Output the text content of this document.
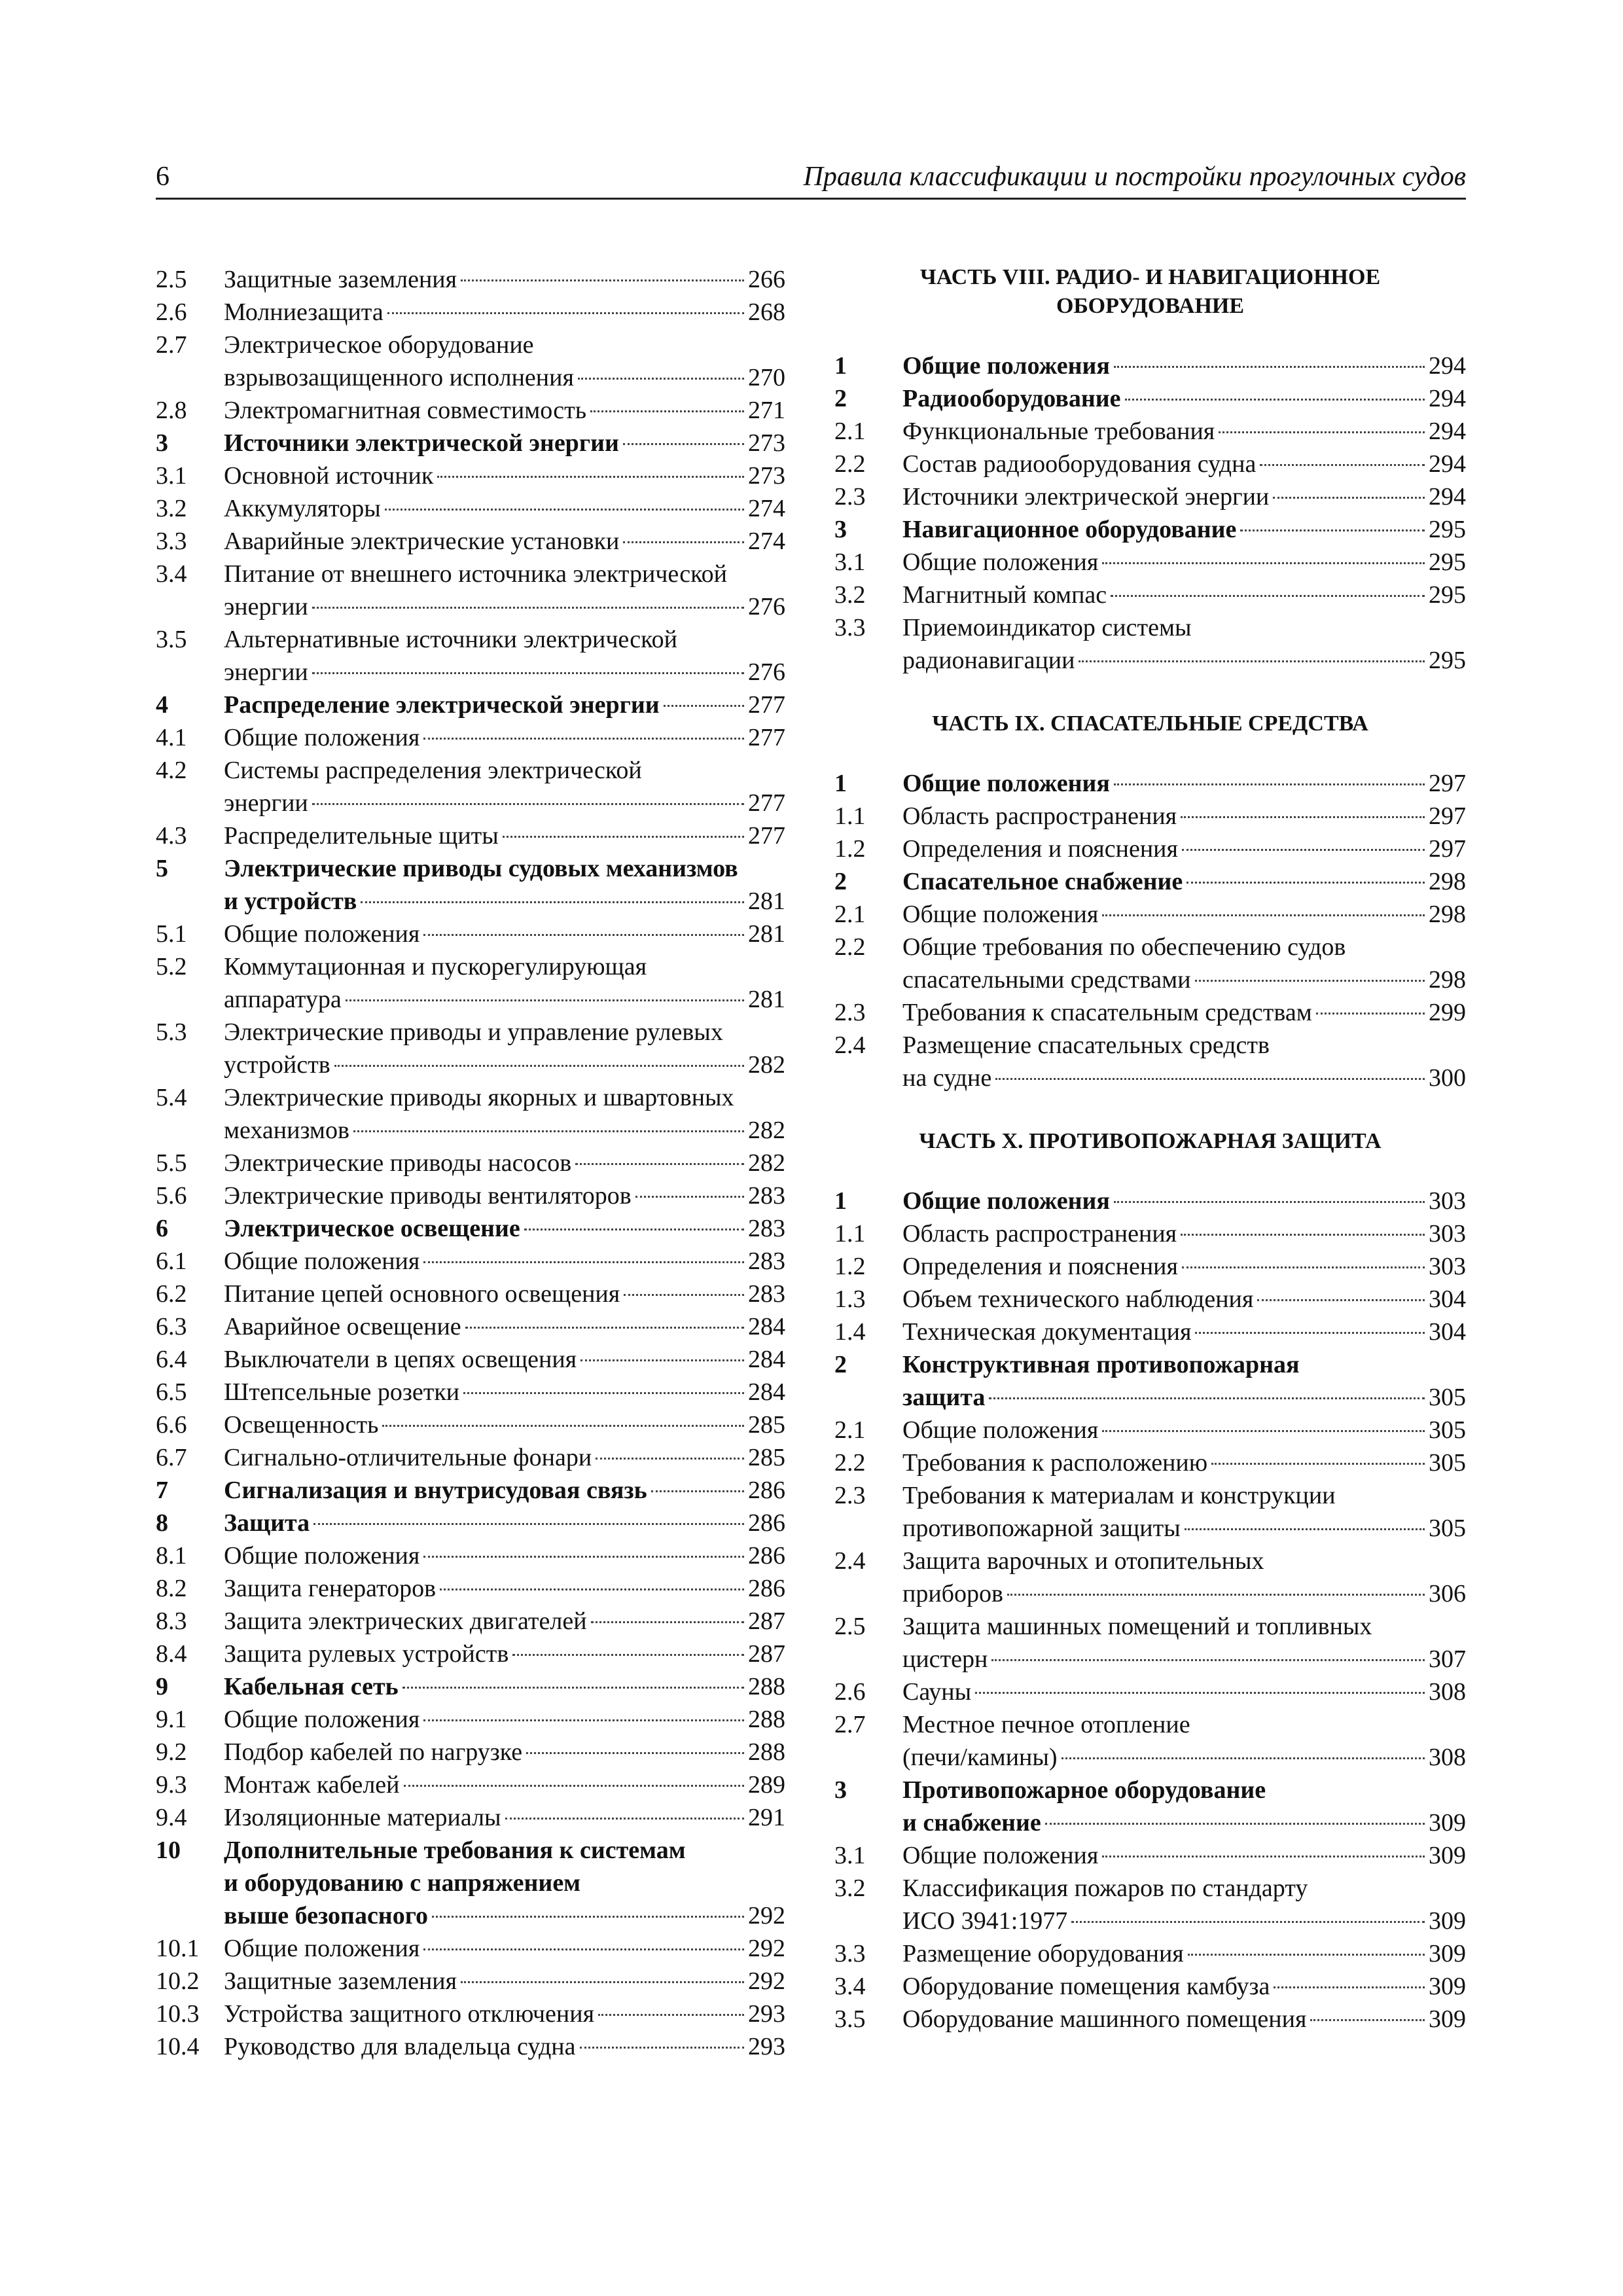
6	Правила классификации и постройки прогулочных судов
2.5	Защитные заземления	266
2.6	Молниезащита	268
2.7	Электрическое оборудование
взрывозащищенного исполнения	270
2.8	Электромагнитная совместимость	271
3	Источники электрической энергии	273
3.1	Основной источник	273
3.2	Аккумуляторы	274
3.3	Аварийные электрические установки	274
3.4	Питание от внешнего источника электрической
энергии	276
3.5	Альтернативные источники электрической
энергии	276
4	Распределение электрической энергии	277
4.1	Общие положения	277
4.2	Системы распределения электрической
энергии	277
4.3	Распределительные щиты	277
5	Электрические приводы судовых механизмов
и устройств	281
5.1	Общие положения	281
5.2	Коммутационная и пускорегулирующая
аппаратура	281
5.3	Электрические приводы и управление рулевых
устройств	282
5.4	Электрические приводы якорных и швартовных
механизмов	282
5.5	Электрические приводы насосов	282
5.6	Электрические приводы вентиляторов	283
6	Электрическое освещение	283
6.1	Общие положения	283
6.2	Питание цепей основного освещения	283
6.3	Аварийное освещение	284
6.4	Выключатели в цепях освещения	284
6.5	Штепсельные розетки	284
6.6	Освещенность	285
6.7	Сигнально-отличительные фонари	285
7	Сигнализация и внутрисудовая связь	286
8	Защита	286
8.1	Общие положения	286
8.2	Защита генераторов	286
8.3	Защита электрических двигателей	287
8.4	Защита рулевых устройств	287
9	Кабельная сеть	288
9.1	Общие положения	288
9.2	Подбор кабелей по нагрузке	288
9.3	Монтаж кабелей	289
9.4	Изоляционные материалы	291
10	Дополнительные требования к системам
и оборудованию с напряжением
выше безопасного	292
10.1 Общие положения	292
10.2 Защитные заземления	292
10.3 Устройства защитного отключения	293
10.4 Руководство для владельца судна	293
ЧАСТЬ VIII. РАДИО- И НАВИГАЦИОННОЕ
ОБОРУДОВАНИЕ
1	Общие положения	294
2	Радиооборудование	294
2.1	Функциональные требования	294
2.2	Состав радиооборудования судна	294
2.3	Источники электрической энергии	294
3	Навигационное оборудование	295
3.1	Общие положения	295
3.2	Магнитный компас	295
3.3	Приемоиндикатор системы
радионавигации	295
ЧАСТЬ IX. СПАСАТЕЛЬНЫЕ СРЕДСТВА
1	Общие положения	297
1.1	Область распространения	297
1.2	Определения и пояснения	297
2	Спасательное снабжение	298
2.1	Общие положения	298
2.2	Общие требования по обеспечению судов
спасательными средствами	298
2.3	Требования к спасательным средствам	299
2.4	Размещение спасательных средств
на судне	300
ЧАСТЬ X. ПРОТИВОПОЖАРНАЯ ЗАЩИТА
1	Общие положения	303
1.1	Область распространения	303
1.2	Определения и пояснения	303
1.3	Объем технического наблюдения	304
1.4	Техническая документация	304
2	Конструктивная противопожарная
защита	305
2.1	Общие положения	305
2.2	Требования к расположению	305
2.3	Требования к материалам и конструкции
противопожарной защиты	305
2.4	Защита варочных и отопительных
приборов	306
2.5	Защита машинных помещений и топливных
цистерн	307
2.6	Сауны	308
2.7	Местное печное отопление
(печи/камины)	308
3	Противопожарное оборудование
и снабжение	309
3.1	Общие положения	309
3.2	Классификация пожаров по стандарту
ИСО 3941:1977	309
3.3	Размещение оборудования	309
3.4	Оборудование помещения камбуза	309
3.5	Оборудование машинного помещения	309
